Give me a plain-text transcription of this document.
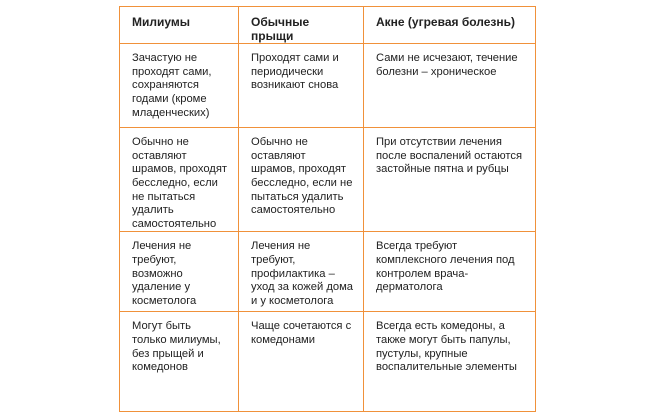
Милиумы	Обычные прыщи	Акне (угревая болезнь)
Зачастую не проходят сами, сохраняются годами (кроме младенческих)	Проходят сами и периодически возникают снова	Сами не исчезают, течение болезни – хроническое
Обычно не оставляют шрамов, проходят бесследно, если не пытаться удалить самостоятельно	Обычно не оставляют шрамов, проходят бесследно, если не пытаться удалить самостоятельно	При отсутствии лечения после воспалений остаются застойные пятна и рубцы
Лечения не требуют, возможно удаление у косметолога	Лечения не требуют, профилактика – уход за кожей дома и у косметолога	Всегда требуют комплексного лечения под контролем врача-дерматолога
Могут быть только милиумы, без прыщей и комедонов	Чаще сочетаются с комедонами	Всегда есть комедоны, а также могут быть папулы, пустулы, крупные воспалительные элементы
